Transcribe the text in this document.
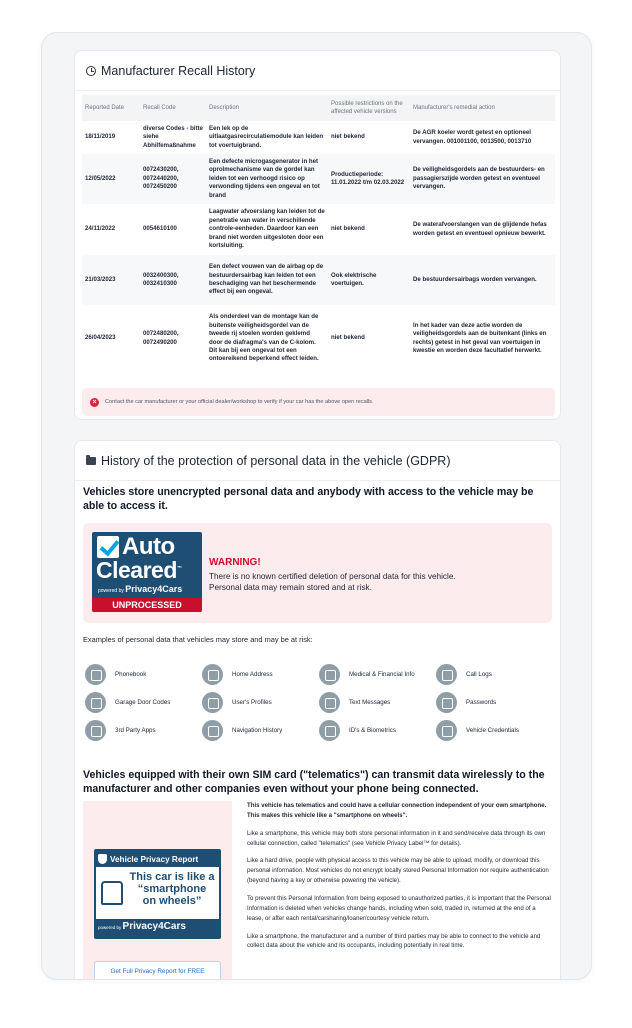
Manufacturer Recall History
Reported Date	Recall Code	Description	Possible restrictions on the affected vehicle versions	Manufacturer's remedial action
18/11/2019	diverse Codes - bitte siehe Abhilfemaßnahme	Een lek op de uitlaatgasrecirculatiemodule kan leiden tot voertuigbrand.	niet bekend	De AGR koeler wordt getest en optioneel vervangen. 001001100, 0013500, 0013710
12/05/2022	0072430200, 0072440200, 0072450200	Een defecte microgasgenerator in het oprolmechanisme van de gordel kan leiden tot een verhoogd risico op verwonding tijdens een ongeval en tot brand	Productieperiode: 11.01.2022 t/m 02.03.2022	De veiligheidsgordels aan de bestuurders- en passagierszijde worden getest en eventueel vervangen.
24/11/2022	0054610100	Laagwater afvoerslang kan leiden tot de penetratie van water in verschillende controle-eenheden. Daardoor kan een brand niet worden uitgesloten door een kortsluiting.	niet bekend	De waterafvoerslangen van de glijdende hefas worden getest en eventueel opnieuw bewerkt.
21/03/2023	0032400300, 0032410300	Een defect vouwen van de airbag op de bestuurdersairbag kan leiden tot een beschadiging van het beschermende effect bij een ongeval.	Ook elektrische voertuigen.	De bestuurdersairbags worden vervangen.
26/04/2023	0072480200, 0072490200	Als onderdeel van de montage kan de buitenste veiligheidsgordel van de tweede rij stoelen worden geklemd door de diafragma's van de C-kolom. Dit kan bij een ongeval tot een ontoereikend beperkend effect leiden.	niet bekend	In het kader van deze actie worden de veiligheidsgordels aan de buitenkant (links en rechts) getest in het geval van voertuigen in kwestie en worden deze facultatief herwerkt.
×	Contact the car manufacturer or your official dealer/workshop to verify if your car has the above open recalls.
History of the protection of personal data in the vehicle (GDPR)
Vehicles store unencrypted personal data and anybody with access to the vehicle may be able to access it.
Auto
Cleared™
powered by Privacy4Cars
UNPROCESSED
WARNING!
There is no known certified deletion of personal data for this vehicle.
Personal data may remain stored and at risk.
Examples of personal data that vehicles may store and may be at risk:
Phonebook	Home Address	Medical & Financial Info	Call Logs
Garage Door Codes	User's Profiles	Text Messages	Passwords
3rd Party Apps	Navigation History	ID's & Biometrics	Vehicle Credentials
Vehicles equipped with their own SIM card ("telematics") can transmit data wirelessly to the manufacturer and other companies even without your phone being connected.
Vehicle Privacy Report
This car is like a
“smartphone
on wheels”
powered by Privacy4Cars
Get Full Privacy Report for FREE

This vehicle has telematics and could have a cellular connection independent of your own smartphone. This makes this vehicle like a "smartphone on wheels".

Like a smartphone, this vehicle may both store personal information in it and send/receive data through its own cellular connection, called "telematics" (see Vehicle Privacy Label™ for details).

Like a hard drive, people with physical access to this vehicle may be able to upload, modify, or download this personal information. Most vehicles do not encrypt locally stored Personal Information nor require authentication (beyond having a key or otherwise powering the vehicle).

To prevent this Personal Information from being exposed to unauthorized parties, it is important that the Personal Information is deleted when vehicles change hands, including when sold, traded in, returned at the end of a lease, or after each rental/carsharing/loaner/courtesy vehicle return.

Like a smartphone, the manufacturer and a number of third parties may be able to connect to the vehicle and collect data about the vehicle and its occupants, including potentially in real time.
